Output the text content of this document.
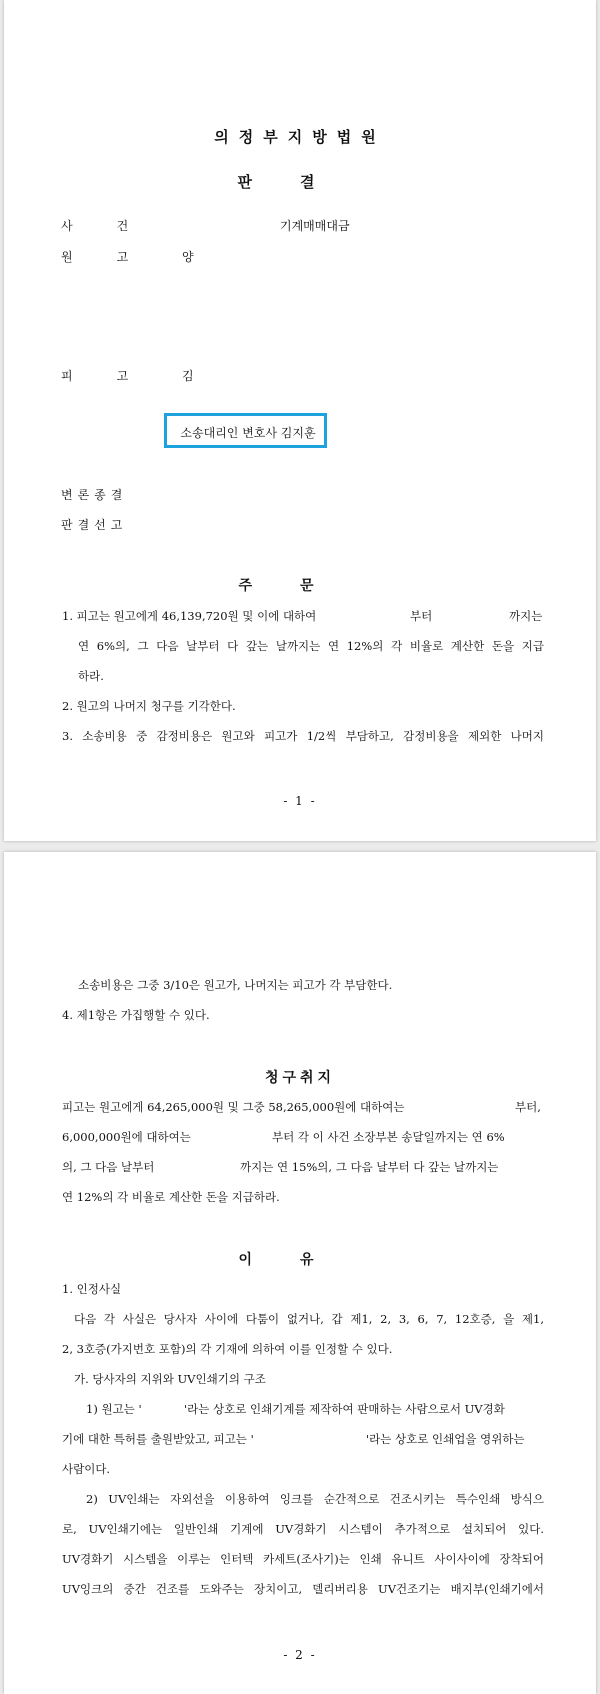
의정부지방법원
판결
사건	기계매매대금
원고 양
피고 김
소송대리인 변호사 김지훈
변론종결
판결선고
주문
1. 피고는 원고에게 46,139,720원 및 이에 대하여	부터	까지는
연 6%의, 그 다음 날부터 다 갚는 날까지는 연 12%의 각 비율로 계산한 돈을 지급
하라.
2. 원고의 나머지 청구를 기각한다.
3. 소송비용 중 감정비용은 원고와 피고가 1/2씩 부담하고, 감정비용을 제외한 나머지
- 1 -
소송비용은 그중 3/10은 원고가, 나머지는 피고가 각 부담한다.
4. 제1항은 가집행할 수 있다.
청구취지
피고는 원고에게 64,265,000원 및 그중 58,265,000원에 대하여는	부터,
6,000,000원에 대하여는	부터 각 이 사건 소장부본 송달일까지는 연 6%
의, 그 다음 날부터	까지는 연 15%의, 그 다음 날부터 다 갚는 날까지는
연 12%의 각 비율로 계산한 돈을 지급하라.
이유
1. 인정사실
다음 각 사실은 당사자 사이에 다툼이 없거나, 갑 제1, 2, 3, 6, 7, 12호증, 을 제1,
2, 3호증(가지번호 포함)의 각 기재에 의하여 이를 인정할 수 있다.
가. 당사자의 지위와 UV인쇄기의 구조
1) 원고는 '	'라는 상호로 인쇄기계를 제작하여 판매하는 사람으로서 UV경화
기에 대한 특허를 출원받았고, 피고는 '	'라는 상호로 인쇄업을 영위하는
사람이다.
2) UV인쇄는 자외선을 이용하여 잉크를 순간적으로 건조시키는 특수인쇄 방식으
로, UV인쇄기에는 일반인쇄 기계에 UV경화기 시스템이 추가적으로 설치되어 있다.
UV경화기 시스템을 이루는 인터텍 카세트(조사기)는 인쇄 유니트 사이사이에 장착되어
UV잉크의 중간 건조를 도와주는 장치이고, 델리버리용 UV건조기는 배지부(인쇄기에서
- 2 -
